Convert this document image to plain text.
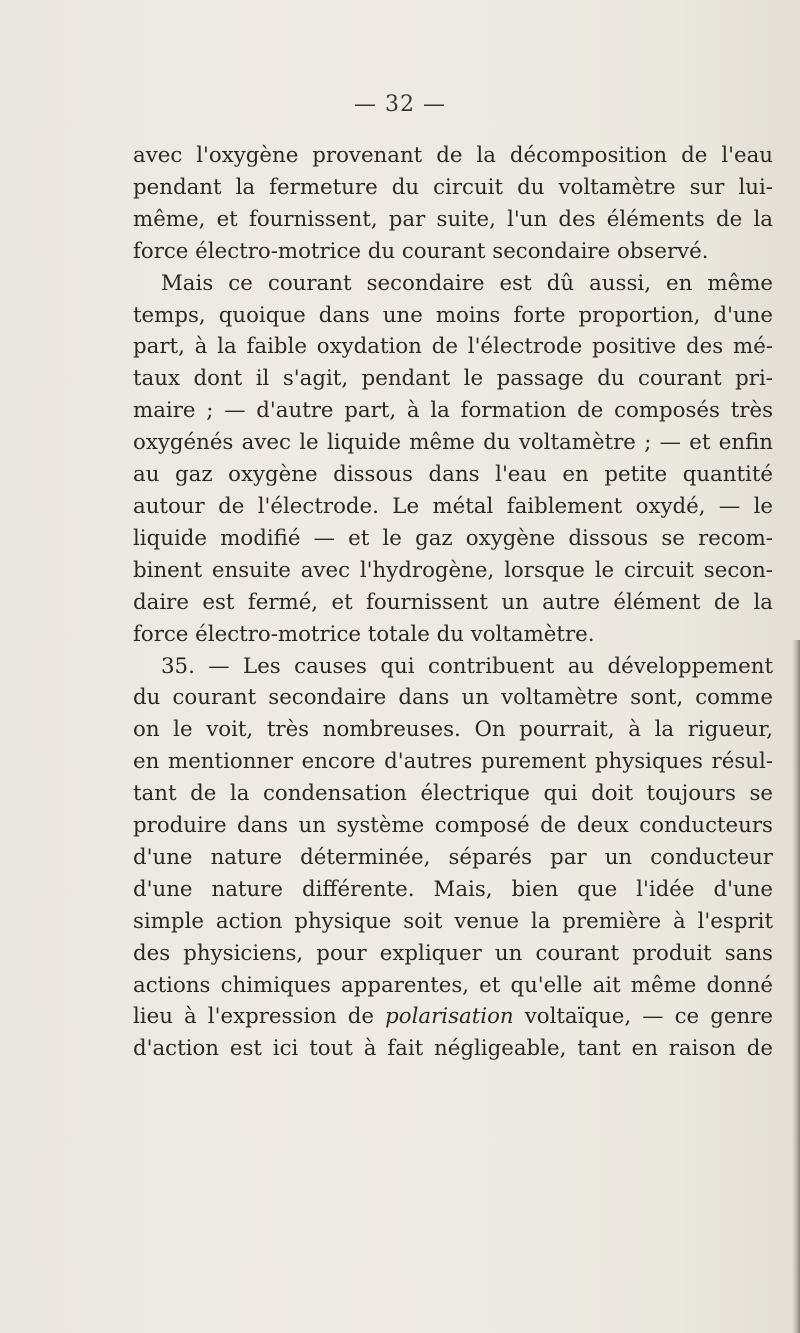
— 32 —
avec l'oxygène provenant de la décomposition de l'eau
pendant la fermeture du circuit du voltamètre sur lui-
même, et fournissent, par suite, l'un des éléments de la
force électro-motrice du courant secondaire observé.
Mais ce courant secondaire est dû aussi, en même
temps, quoique dans une moins forte proportion, d'une
part, à la faible oxydation de l'électrode positive des mé-
taux dont il s'agit, pendant le passage du courant pri-
maire ; — d'autre part, à la formation de composés très
oxygénés avec le liquide même du voltamètre ; — et enfin
au gaz oxygène dissous dans l'eau en petite quantité
autour de l'électrode. Le métal faiblement oxydé, — le
liquide modifié — et le gaz oxygène dissous se recom-
binent ensuite avec l'hydrogène, lorsque le circuit secon-
daire est fermé, et fournissent un autre élément de la
force électro-motrice totale du voltamètre.
35. — Les causes qui contribuent au développement
du courant secondaire dans un voltamètre sont, comme
on le voit, très nombreuses. On pourrait, à la rigueur,
en mentionner encore d'autres purement physiques résul-
tant de la condensation électrique qui doit toujours se
produire dans un système composé de deux conducteurs
d'une nature déterminée, séparés par un conducteur
d'une nature différente. Mais, bien que l'idée d'une
simple action physique soit venue la première à l'esprit
des physiciens, pour expliquer un courant produit sans
actions chimiques apparentes, et qu'elle ait même donné
lieu à l'expression de polarisation voltaïque, — ce genre
d'action est ici tout à fait négligeable, tant en raison de
